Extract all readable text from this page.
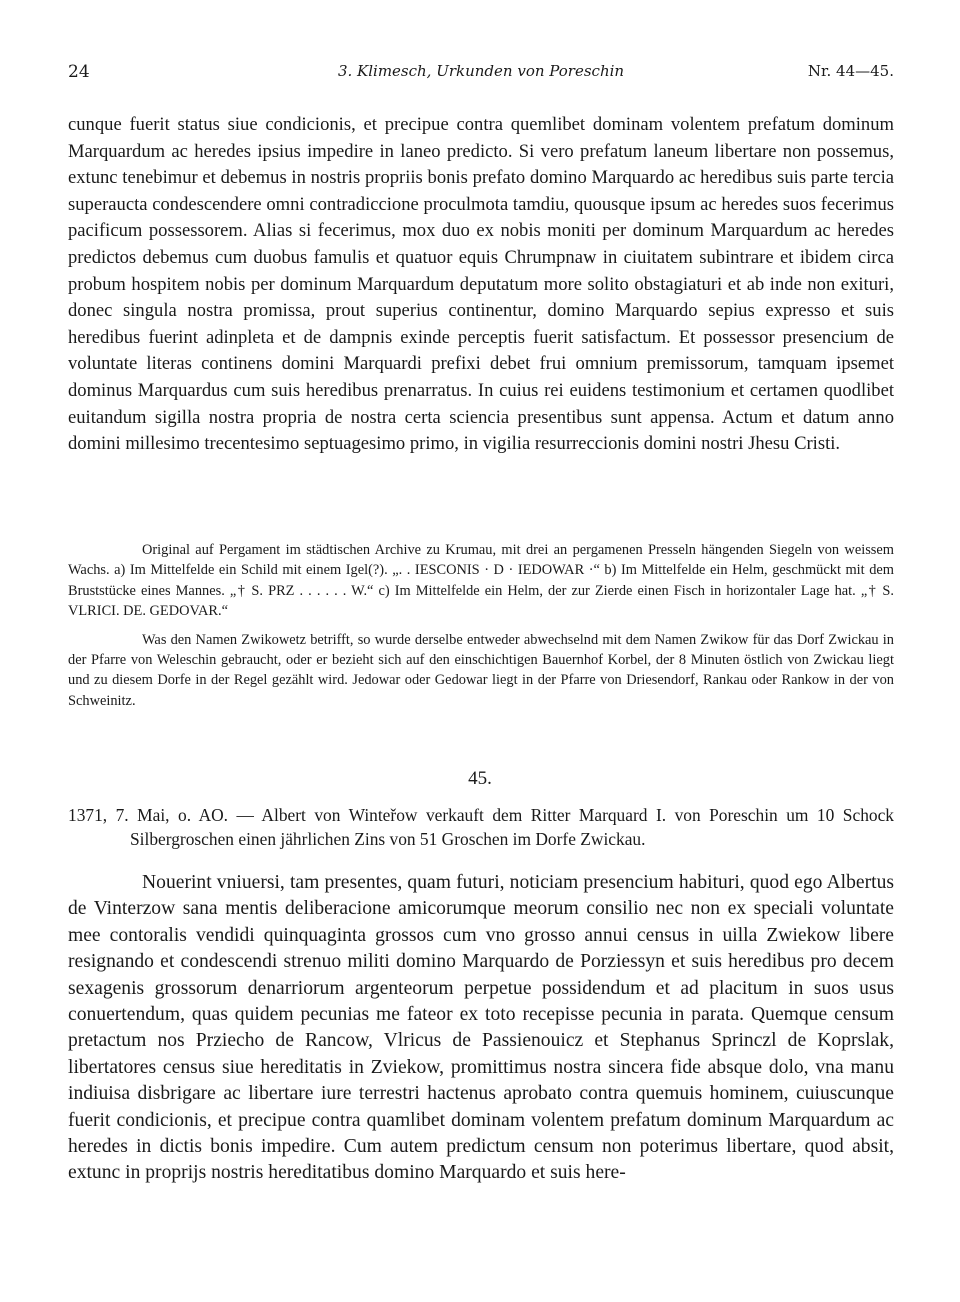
24	3. Klimesch, Urkunden von Poreschin	Nr. 44—45.
cunque fuerit status siue condicionis, et precipue contra quemlibet dominam volentem prefatum dominum Marquardum ac heredes ipsius impedire in laneo predicto. Si vero prefatum laneum libertare non possemus, extunc tenebimur et debemus in nostris propriis bonis prefato domino Marquardo ac heredibus suis parte tercia superaucta condescendere omni contradiccione proculmota tamdiu, quousque ipsum ac heredes suos fecerimus pacificum possessorem. Alias si fecerimus, mox duo ex nobis moniti per dominum Marquardum ac heredes predictos debemus cum duobus famulis et quatuor equis Chrumpnaw in ciuitatem subintrare et ibidem circa probum hospitem nobis per dominum Marquardum deputatum more solito obstagiaturi et ab inde non exituri, donec singula nostra promissa, prout superius continentur, domino Marquardo sepius expresso et suis heredibus fuerint adinpleta et de dampnis exinde perceptis fuerit satisfactum. Et possessor presencium de voluntate literas continens domini Marquardi prefixi debet frui omnium premissorum, tamquam ipsemet dominus Marquardus cum suis heredibus prenarratus. In cuius rei euidens testimonium et certamen quodlibet euitandum sigilla nostra propria de nostra certa sciencia presentibus sunt appensa. Actum et datum anno domini millesimo trecentesimo septuagesimo primo, in vigilia resurreccionis domini nostri Jhesu Cristi.

Original auf Pergament im städtischen Archive zu Krumau, mit drei an pergamenen Presseln hängenden Siegeln von weissem Wachs. a) Im Mittelfelde ein Schild mit einem Igel(?). „. . IESCONIS · D · IEDOWAR ·“ b) Im Mittelfelde ein Helm, geschmückt mit dem Bruststücke eines Mannes. „† S. PRZ . . . . . . W.“ c) Im Mittelfelde ein Helm, der zur Zierde einen Fisch in horizontaler Lage hat. „† S. VLRICI. DE. GEDOVAR.“

Was den Namen Zwikowetz betrifft, so wurde derselbe entweder abwechselnd mit dem Namen Zwikow für das Dorf Zwickau in der Pfarre von Weleschin gebraucht, oder er bezieht sich auf den einschichtigen Bauernhof Korbel, der 8 Minuten östlich von Zwickau liegt und zu diesem Dorfe in der Regel gezählt wird. Jedowar oder Gedowar liegt in der Pfarre von Driesendorf, Rankau oder Rankow in der von Schweinitz.

45.
1371, 7. Mai, o. AO. — Albert von Winteřow verkauft dem Ritter Marquard I. von Poreschin um 10 Schock Silbergroschen einen jährlichen Zins von 51 Groschen im Dorfe Zwickau.
Nouerint vniuersi, tam presentes, quam futuri, noticiam presencium habituri, quod ego Albertus de Vinterzow sana mentis deliberacione amicorumque meorum consilio nec non ex speciali voluntate mee contoralis vendidi quinquaginta grossos cum vno grosso annui census in uilla Zwiekow libere resignando et condescendi strenuo militi domino Marquardo de Porziessyn et suis heredibus pro decem sexagenis grossorum denarriorum argenteorum perpetue possidendum et ad placitum in suos usus conuertendum, quas quidem pecunias me fateor ex toto recepisse pecunia in parata. Quemque censum pretactum nos Prziecho de Rancow, Vlricus de Passienouicz et Stephanus Sprinczl de Koprslak, libertatores census siue hereditatis in Zviekow, promittimus nostra sincera fide absque dolo, vna manu indiuisa disbrigare ac libertare iure terrestri hactenus aprobato contra quemuis hominem, cuiuscunque fuerit condicionis, et precipue contra quamlibet dominam volentem prefatum dominum Marquardum ac heredes in dictis bonis impedire. Cum autem predictum censum non poterimus libertare, quod absit, extunc in proprijs nostris hereditatibus domino Marquardo et suis here-
